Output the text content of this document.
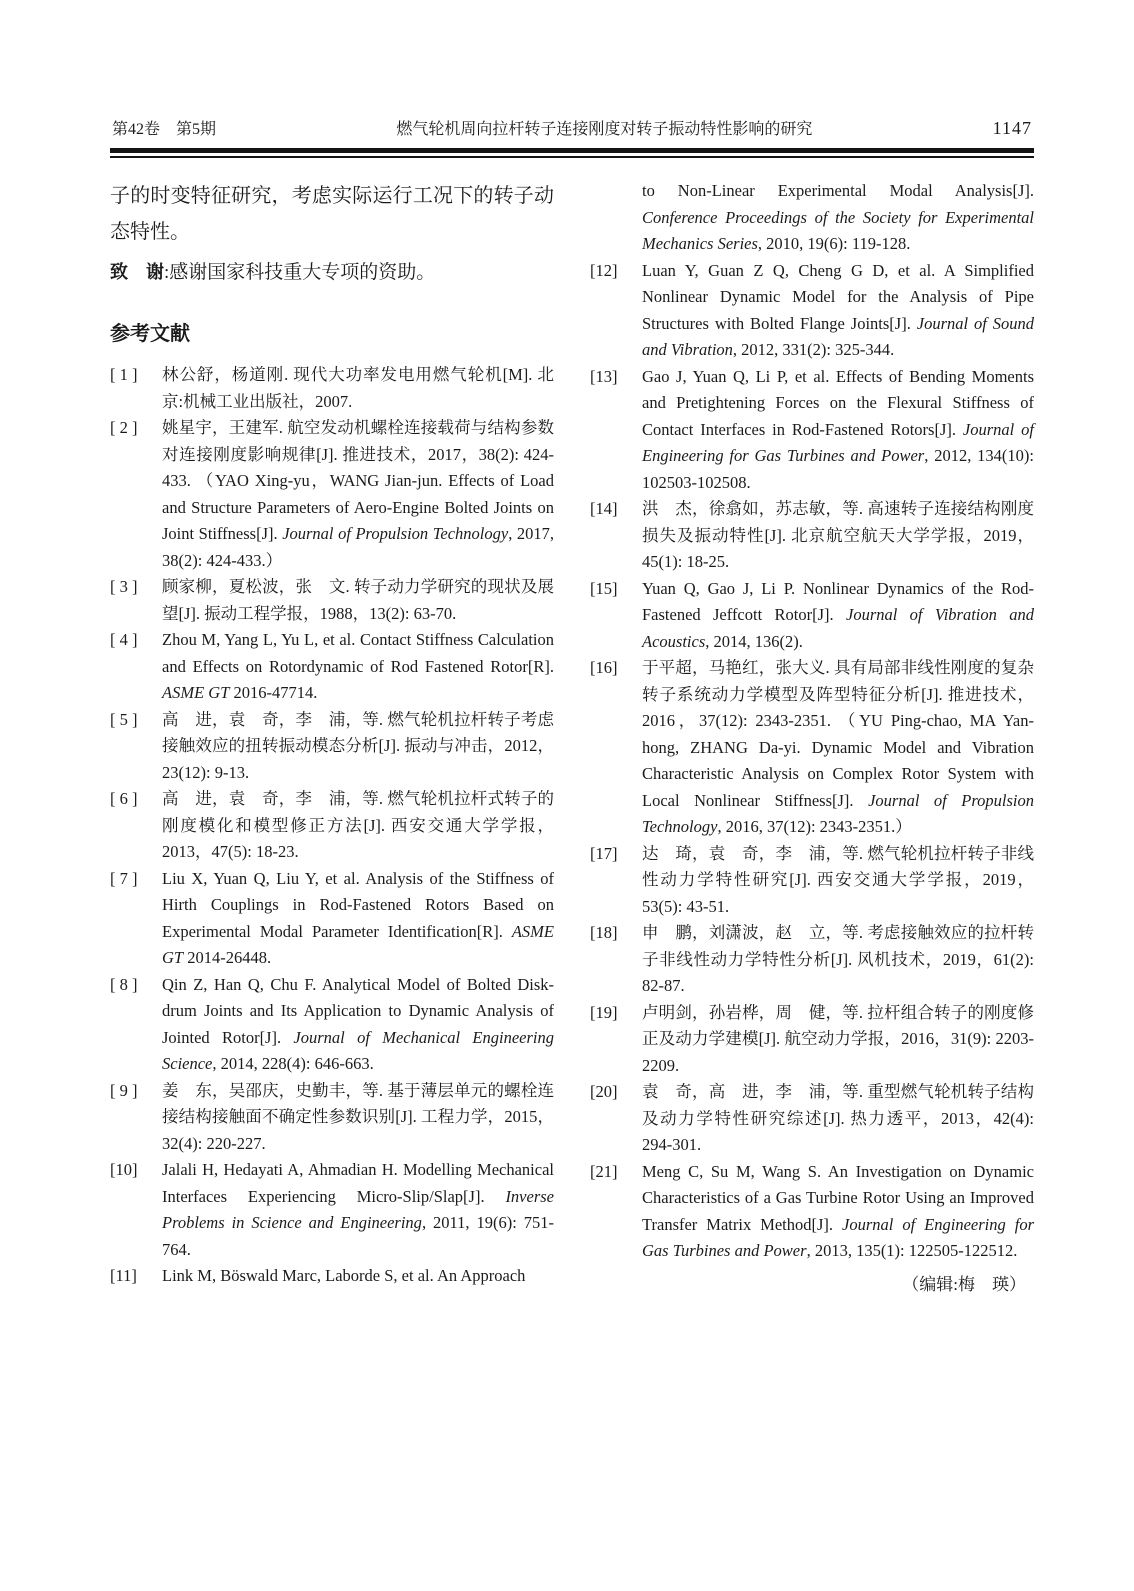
第42卷　第5期	燃气轮机周向拉杆转子连接刚度对转子振动特性影响的研究	1147

子的时变特征研究，考虑实际运行工况下的转子动态特性。

致　谢:感谢国家科技重大专项的资助。

参考文献
[ 1 ]	林公舒，杨道刚. 现代大功率发电用燃气轮机[M]. 北京:机械工业出版社，2007.
[ 2 ]	姚星宇，王建军. 航空发动机螺栓连接载荷与结构参数对连接刚度影响规律[J]. 推进技术，2017，38(2): 424-433. （YAO Xing-yu，WANG Jian-jun. Effects of Load and Structure Parameters of Aero-Engine Bolted Joints on Joint Stiffness[J]. Journal of Propulsion Technology, 2017, 38(2): 424-433.）
[ 3 ]	顾家柳，夏松波，张　文. 转子动力学研究的现状及展望[J]. 振动工程学报，1988，13(2): 63-70.
[ 4 ]	Zhou M, Yang L, Yu L, et al. Contact Stiffness Calculation and Effects on Rotordynamic of Rod Fastened Rotor[R]. ASME GT 2016-47714.
[ 5 ]	高　进，袁　奇，李　浦，等. 燃气轮机拉杆转子考虑接触效应的扭转振动模态分析[J]. 振动与冲击，2012，23(12): 9-13.
[ 6 ]	高　进，袁　奇，李　浦，等. 燃气轮机拉杆式转子的刚度模化和模型修正方法[J]. 西安交通大学学报，2013，47(5): 18-23.
[ 7 ]	Liu X, Yuan Q, Liu Y, et al. Analysis of the Stiffness of Hirth Couplings in Rod-Fastened Rotors Based on Experimental Modal Parameter Identification[R]. ASME GT 2014-26448.
[ 8 ]	Qin Z, Han Q, Chu F. Analytical Model of Bolted Disk-drum Joints and Its Application to Dynamic Analysis of Jointed Rotor[J]. Journal of Mechanical Engineering Science, 2014, 228(4): 646-663.
[ 9 ]	姜　东，吴邵庆，史勤丰，等. 基于薄层单元的螺栓连接结构接触面不确定性参数识别[J]. 工程力学，2015，32(4): 220-227.
[10]	Jalali H, Hedayati A, Ahmadian H. Modelling Mechanical Interfaces Experiencing Micro-Slip/Slap[J]. Inverse Problems in Science and Engineering, 2011, 19(6): 751-764.
[11]	Link M, Böswald Marc, Laborde S, et al. An Approach
to Non-Linear Experimental Modal Analysis[J]. Conference Proceedings of the Society for Experimental Mechanics Series, 2010, 19(6): 119-128.
[12]	Luan Y, Guan Z Q, Cheng G D, et al. A Simplified Nonlinear Dynamic Model for the Analysis of Pipe Structures with Bolted Flange Joints[J]. Journal of Sound and Vibration, 2012, 331(2): 325-344.
[13]	Gao J, Yuan Q, Li P, et al. Effects of Bending Moments and Pretightening Forces on the Flexural Stiffness of Contact Interfaces in Rod-Fastened Rotors[J]. Journal of Engineering for Gas Turbines and Power, 2012, 134(10): 102503-102508.
[14]	洪　杰，徐翕如，苏志敏，等. 高速转子连接结构刚度损失及振动特性[J]. 北京航空航天大学学报，2019，45(1): 18-25.
[15]	Yuan Q, Gao J, Li P. Nonlinear Dynamics of the Rod-Fastened Jeffcott Rotor[J]. Journal of Vibration and Acoustics, 2014, 136(2).
[16]	于平超，马艳红，张大义. 具有局部非线性刚度的复杂转子系统动力学模型及阵型特征分析[J]. 推进技术，2016，37(12): 2343-2351. （YU Ping-chao, MA Yan-hong, ZHANG Da-yi. Dynamic Model and Vibration Characteristic Analysis on Complex Rotor System with Local Nonlinear Stiffness[J]. Journal of Propulsion Technology, 2016, 37(12): 2343-2351.）
[17]	达　琦，袁　奇，李　浦，等. 燃气轮机拉杆转子非线性动力学特性研究[J]. 西安交通大学学报，2019，53(5): 43-51.
[18]	申　鹏，刘潇波，赵　立，等. 考虑接触效应的拉杆转子非线性动力学特性分析[J]. 风机技术，2019，61(2): 82-87.
[19]	卢明剑，孙岩桦，周　健，等. 拉杆组合转子的刚度修正及动力学建模[J]. 航空动力学报，2016，31(9): 2203-2209.
[20]	袁　奇，高　进，李　浦，等. 重型燃气轮机转子结构及动力学特性研究综述[J]. 热力透平，2013，42(4): 294-301.
[21]	Meng C, Su M, Wang S. An Investigation on Dynamic Characteristics of a Gas Turbine Rotor Using an Improved Transfer Matrix Method[J]. Journal of Engineering for Gas Turbines and Power, 2013, 135(1): 122505-122512.
（编辑:梅　瑛）
